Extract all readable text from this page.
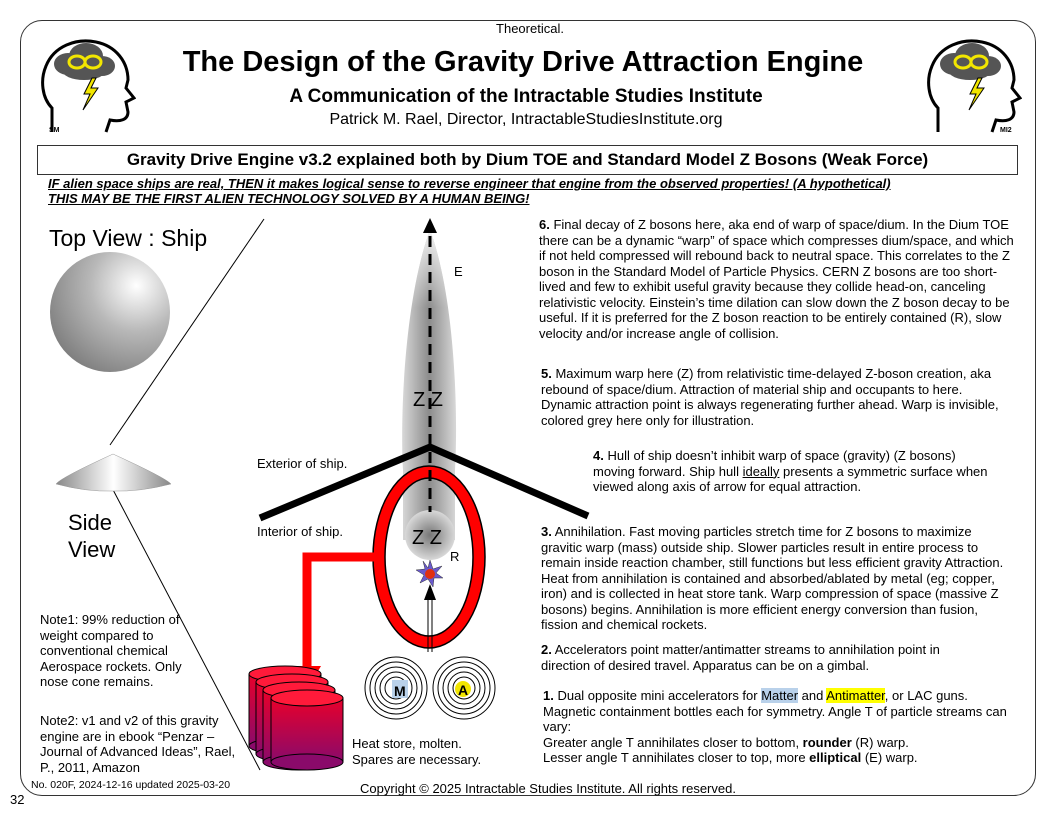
Theoretical.
The Design of the Gravity Drive Attraction Engine
A Communication of the Intractable Studies Institute
Patrick M. Rael, Director, IntractableStudiesInstitute.org
SM	MI2
Gravity Drive Engine v3.2 explained both by Dium TOE and Standard Model Z Bosons (Weak Force)
IF alien space ships are real, THEN it makes logical sense to reverse engineer that engine from the observed properties! (A hypothetical)
THIS MAY BE THE FIRST ALIEN TECHNOLOGY SOLVED BY A HUMAN BEING!
E
Z Z
Z Z
R
M	A
Top View : Ship
Side View
Note1: 99% reduction of weight compared to conventional chemical Aerospace rockets. Only nose cone remains.
Note2: v1 and v2 of this gravity engine are in ebook “Penzar – Journal of Advanced Ideas”, Rael, P., 2011, Amazon
Exterior of ship.
Interior of ship.
Heat store, molten.
Spares are necessary.
6. Final decay of Z bosons here, aka end of warp of space/dium. In the Dium TOE there can be a dynamic “warp” of space which compresses dium/space, and which if not held compressed will rebound back to neutral space. This correlates to the Z boson in the Standard Model of Particle Physics. CERN Z bosons are too short-lived and few to exhibit useful gravity because they collide head-on, canceling relativistic velocity. Einstein’s time dilation can slow down the Z boson decay to be useful. If it is preferred for the Z boson reaction to be entirely contained (R), slow velocity and/or increase angle of collision.
5. Maximum warp here (Z) from relativistic time-delayed Z-boson creation, aka rebound of space/dium. Attraction of material ship and occupants to here. Dynamic attraction point is always regenerating further ahead. Warp is invisible, colored grey here only for illustration.
4. Hull of ship doesn’t inhibit warp of space (gravity) (Z bosons) moving forward. Ship hull ideally presents a symmetric surface when viewed along axis of arrow for equal attraction.
3. Annihilation. Fast moving particles stretch time for Z bosons to maximize gravitic warp (mass) outside ship. Slower particles result in entire process to remain inside reaction chamber, still functions but less efficient gravity Attraction. Heat from annihilation is contained and absorbed/ablated by metal (eg; copper, iron) and is collected in heat store tank. Warp compression of space (massive Z bosons) begins. Annihilation is more efficient energy conversion than fusion, fission and chemical rockets.
2. Accelerators point matter/antimatter streams to annihilation point in direction of desired travel. Apparatus can be on a gimbal.
1. Dual opposite mini accelerators for Matter and Antimatter, or LAC guns.
Magnetic containment bottles each for symmetry. Angle T of particle streams can vary:
Greater angle T annihilates closer to bottom, rounder (R) warp.
Lesser angle T annihilates closer to top, more elliptical (E) warp.
No. 020F, 2024-12-16 updated 2025-03-20	Copyright © 2025 Intractable Studies Institute. All rights reserved.
32
